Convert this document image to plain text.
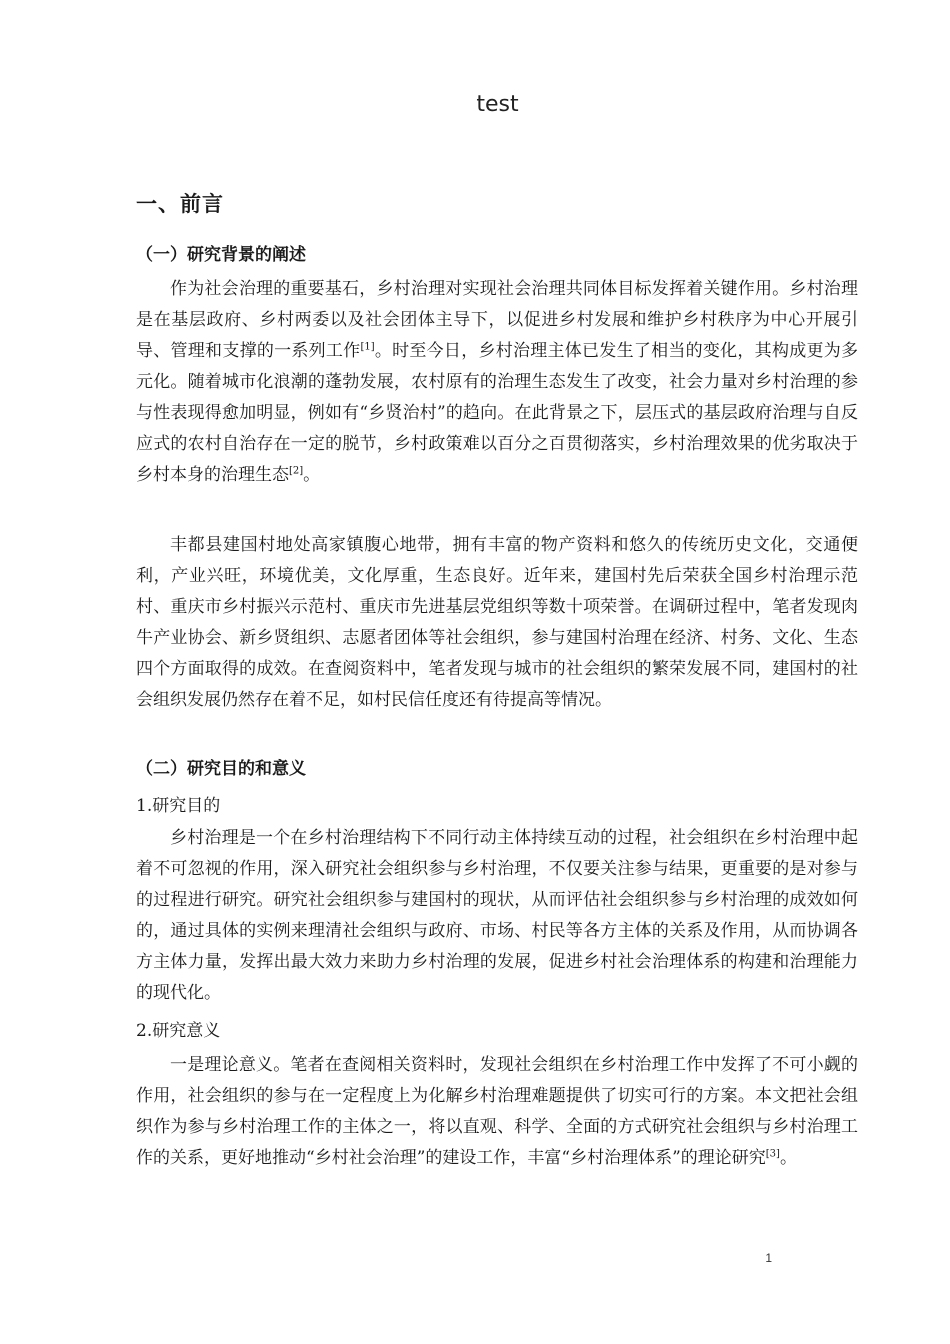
test
一、前言
（一）研究背景的阐述

作为社会治理的重要基石，乡村治理对实现社会治理共同体目标发挥着关键作用。乡村治理是在基层政府、乡村两委以及社会团体主导下，以促进乡村发展和维护乡村秩序为中心开展引导、管理和支撑的一系列工作[1]。时至今日，乡村治理主体已发生了相当的变化，其构成更为多元化。随着城市化浪潮的蓬勃发展，农村原有的治理生态发生了改变，社会力量对乡村治理的参与性表现得愈加明显，例如有“乡贤治村”的趋向。在此背景之下，层压式的基层政府治理与自反应式的农村自治存在一定的脱节，乡村政策难以百分之百贯彻落实，乡村治理效果的优劣取决于乡村本身的治理生态[2]。

丰都县建国村地处高家镇腹心地带，拥有丰富的物产资料和悠久的传统历史文化，交通便利，产业兴旺，环境优美，文化厚重，生态良好。近年来，建国村先后荣获全国乡村治理示范村、重庆市乡村振兴示范村、重庆市先进基层党组织等数十项荣誉。在调研过程中，笔者发现肉牛产业协会、新乡贤组织、志愿者团体等社会组织，参与建国村治理在经济、村务、文化、生态四个方面取得的成效。在查阅资料中，笔者发现与城市的社会组织的繁荣发展不同，建国村的社会组织发展仍然存在着不足，如村民信任度还有待提高等情况。

（二）研究目的和意义
1.研究目的

乡村治理是一个在乡村治理结构下不同行动主体持续互动的过程，社会组织在乡村治理中起着不可忽视的作用，深入研究社会组织参与乡村治理，不仅要关注参与结果，更重要的是对参与的过程进行研究。研究社会组织参与建国村的现状，从而评估社会组织参与乡村治理的成效如何的，通过具体的实例来理清社会组织与政府、市场、村民等各方主体的关系及作用，从而协调各方主体力量，发挥出最大效力来助力乡村治理的发展，促进乡村社会治理体系的构建和治理能力的现代化。

2.研究意义

一是理论意义。笔者在查阅相关资料时，发现社会组织在乡村治理工作中发挥了不可小觑的作用，社会组织的参与在一定程度上为化解乡村治理难题提供了切实可行的方案。本文把社会组织作为参与乡村治理工作的主体之一，将以直观、科学、全面的方式研究社会组织与乡村治理工作的关系，更好地推动“乡村社会治理”的建设工作，丰富“乡村治理体系”的理论研究[3]。

1
